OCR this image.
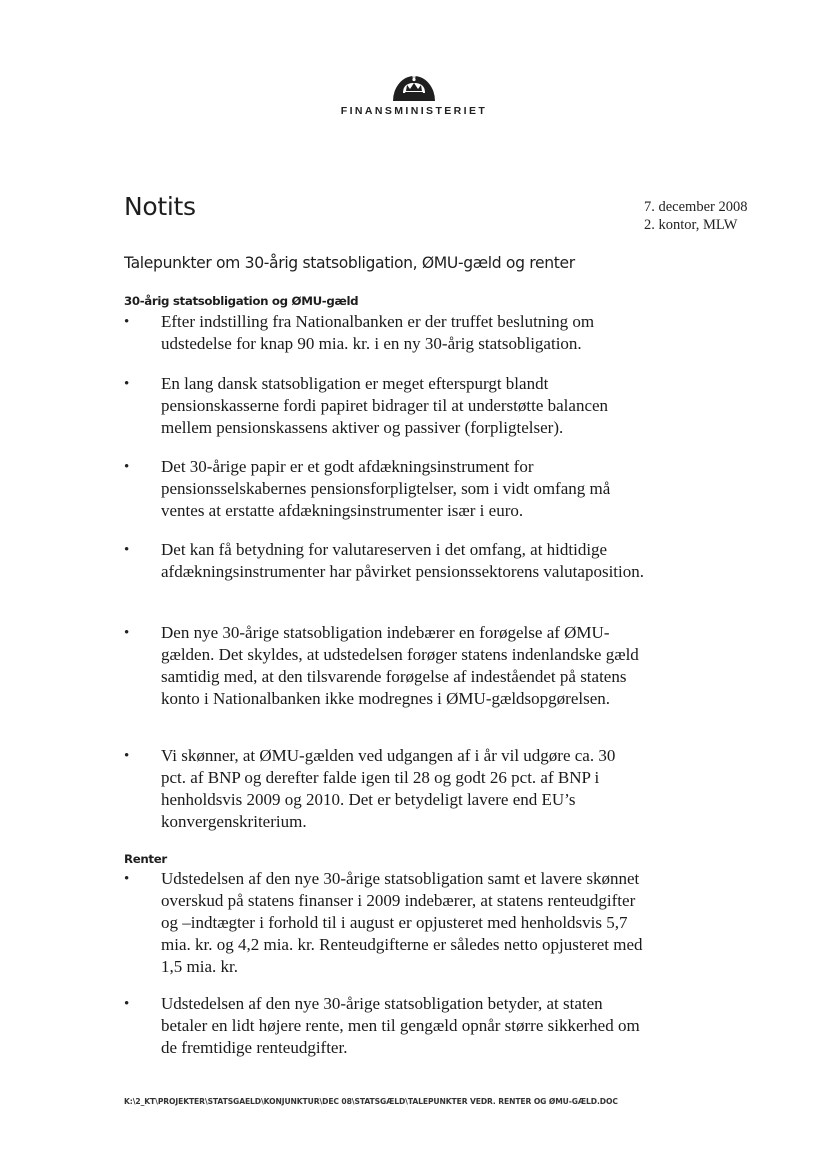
FINANSMINISTERIET
Notits	7. december 2008
2. kontor, MLW
Talepunkter om 30-årig statsobligation, ØMU-gæld og renter
30-årig statsobligation og ØMU-gæld
• Efter indstilling fra Nationalbanken er der truffet beslutning om udstedelse for knap 90 mia. kr. i en ny 30-årig statsobligation.
• En lang dansk statsobligation er meget efterspurgt blandt pensionskasserne fordi papiret bidrager til at understøtte balancen mellem pensionskassens aktiver og passiver (forpligtelser).
• Det 30-årige papir er et godt afdækningsinstrument for pensionsselskabernes pensionsforpligtelser, som i vidt omfang må ventes at erstatte afdækningsinstrumenter især i euro.
• Det kan få betydning for valutareserven i det omfang, at hidtidige afdækningsinstrumenter har påvirket pensionssektorens valutaposition.
• Den nye 30-årige statsobligation indebærer en forøgelse af ØMU-gælden. Det skyldes, at udstedelsen forøger statens indenlandske gæld samtidig med, at den tilsvarende forøgelse af indeståendet på statens konto i Nationalbanken ikke modregnes i ØMU-gældsopgørelsen.
• Vi skønner, at ØMU-gælden ved udgangen af i år vil udgøre ca. 30 pct. af BNP og derefter falde igen til 28 og godt 26 pct. af BNP i henholdsvis 2009 og 2010. Det er betydeligt lavere end EU’s konvergenskriterium.
Renter
• Udstedelsen af den nye 30-årige statsobligation samt et lavere skønnet overskud på statens finanser i 2009 indebærer, at statens renteudgifter og –indtægter i forhold til i august er opjusteret med henholdsvis 5,7 mia. kr. og 4,2 mia. kr. Renteudgifterne er således netto opjusteret med 1,5 mia. kr.
• Udstedelsen af den nye 30-årige statsobligation betyder, at staten betaler en lidt højere rente, men til gengæld opnår større sikkerhed om de fremtidige renteudgifter.
K:\2_KT\PROJEKTER\STATSGAELD\KONJUNKTUR\DEC 08\STATSGÆLD\TALEPUNKTER VEDR. RENTER OG ØMU-GÆLD.DOC
